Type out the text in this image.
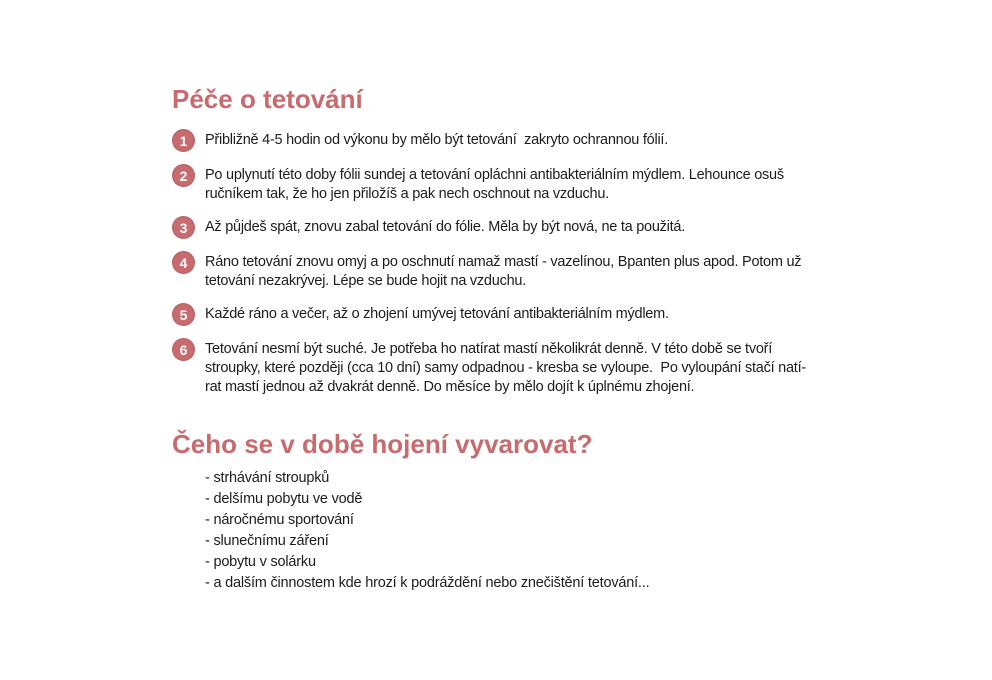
Péče o tetování
1	Přibližně 4-5 hodin od výkonu by mělo být tetování  zakryto ochrannou fólií.
2	Po uplynutí této doby fólii sundej a tetování opláchni antibakteriálním mýdlem. Lehounce osuš
ručníkem tak, že ho jen přiložíš a pak nech oschnout na vzduchu.
3	Až půjdeš spát, znovu zabal tetování do fólie. Měla by být nová, ne ta použitá.
4	Ráno tetování znovu omyj a po oschnutí namaž mastí - vazelínou, Bpanten plus apod. Potom už
tetování nezakrývej. Lépe se bude hojit na vzduchu.
5	Každé ráno a večer, až o zhojení umývej tetování antibakteriálním mýdlem.
6	Tetování nesmí být suché. Je potřeba ho natírat mastí několikrát denně. V této době se tvoří
stroupky, které později (cca 10 dní) samy odpadnou - kresba se vyloupe.  Po vyloupání stačí natí-
rat mastí jednou až dvakrát denně. Do měsíce by mělo dojít k úplnému zhojení.
Čeho se v době hojení vyvarovat?
- strhávání stroupků
- delšímu pobytu ve vodě
- náročnému sportování
- slunečnímu záření
- pobytu v solárku
- a dalším činnostem kde hrozí k podráždění nebo znečištění tetování...
